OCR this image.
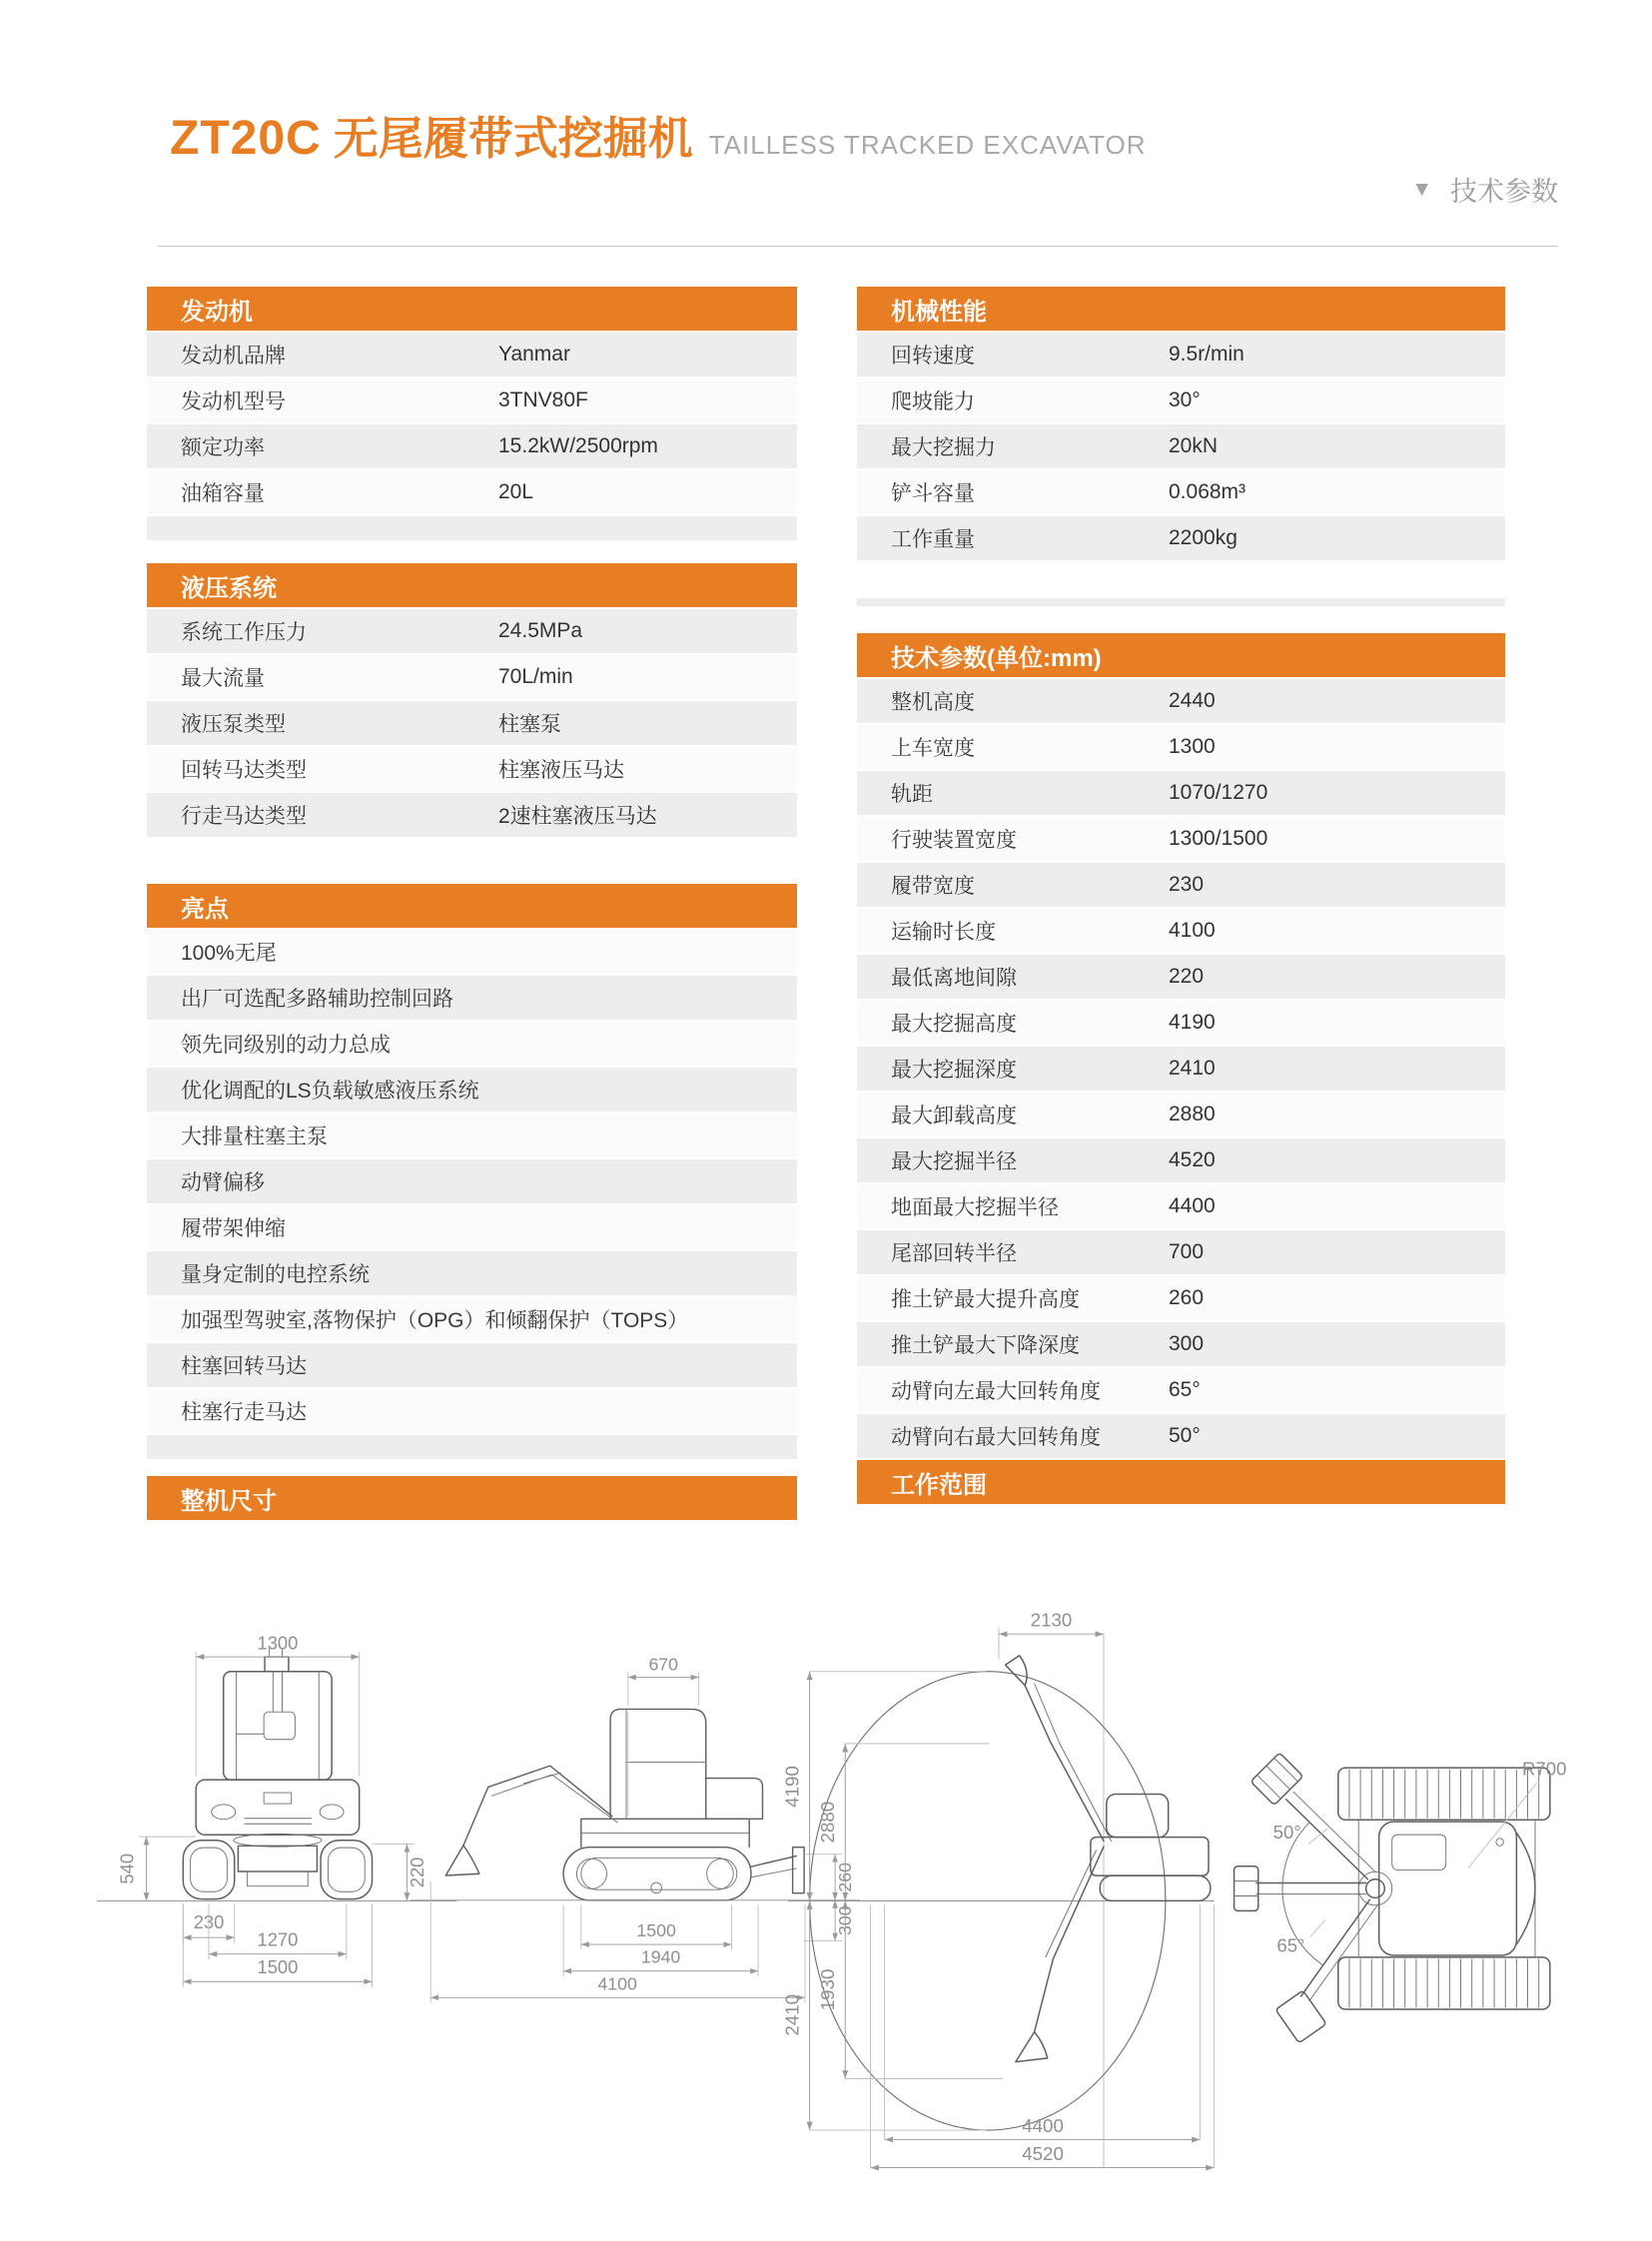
ZT20C 无尾履带式挖掘机 TAILLESS TRACKED EXCAVATOR
▼ 技术参数
发动机
发动机品牌	Yanmar
发动机型号	3TNV80F
额定功率	15.2kW/2500rpm
油箱容量	20L
液压系统
系统工作压力	24.5MPa
最大流量	70L/min
液压泵类型	柱塞泵
回转马达类型	柱塞液压马达
行走马达类型	2速柱塞液压马达
亮点
100%无尾
出厂可选配多路辅助控制回路
领先同级别的动力总成
优化调配的LS负载敏感液压系统
大排量柱塞主泵
动臂偏移
履带架伸缩
量身定制的电控系统
加强型驾驶室,落物保护（OPG）和倾翻保护（TOPS）
柱塞回转马达
柱塞行走马达
整机尺寸
机械性能
回转速度	9.5r/min
爬坡能力	30°
最大挖掘力	20kN
铲斗容量	0.068m³
工作重量	2200kg
技术参数(单位:mm)
整机高度	2440
上车宽度	1300
轨距	1070/1270
行驶装置宽度	1300/1500
履带宽度	230
运输时长度	4100
最低离地间隙	220
最大挖掘高度	4190
最大挖掘深度	2410
最大卸载高度	2880
最大挖掘半径	4520
地面最大挖掘半径	4400
尾部回转半径	700
推土铲最大提升高度	260
推土铲最大下降深度	300
动臂向左最大回转角度	65°
动臂向右最大回转角度	50°
工作范围
1300
540
230
220
1270
1500
670
260
300
1500
1940
4100
2130
4190
2880
2410
1930
4400
4520
50°
65°
R700
